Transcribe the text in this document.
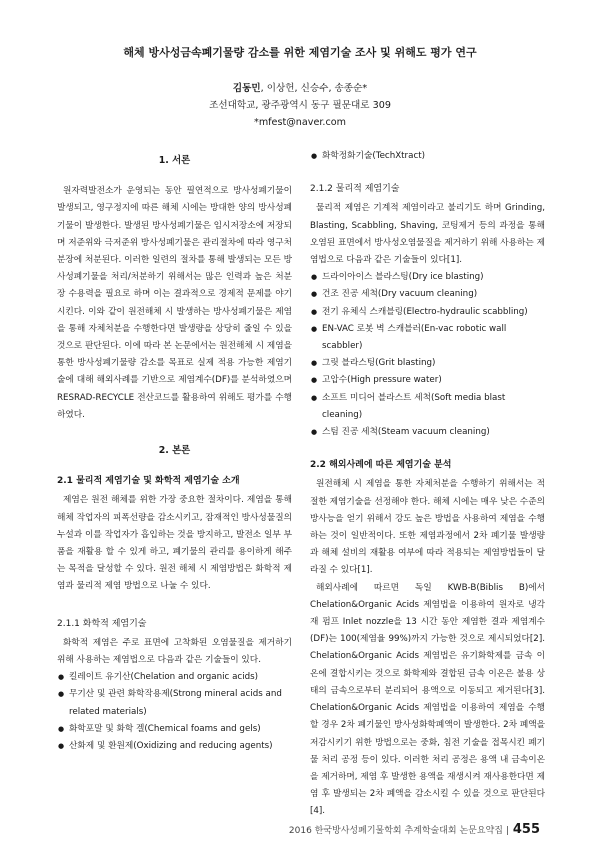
해체 방사성금속폐기물량 감소를 위한 제염기술 조사 및 위해도 평가 연구
김동민, 이상헌, 신승수, 송종순*
조선대학교, 광주광역시 동구 필문대로 309
*mfest@naver.com
1. 서론

원자력발전소가 운영되는 동안 필연적으로 방사성폐기물이 발생되고, 영구정지에 따른 해체 시에는 방대한 양의 방사성폐기물이 발생한다. 발생된 방사성폐기물은 임시저장소에 저장되며 저준위와 극저준위 방사성폐기물은 관리절차에 따라 영구처분장에 처분된다. 이러한 일련의 절차를 통해 발생되는 모든 방사성폐기물을 처리/처분하기 위해서는 많은 인력과 높은 처분장 수용력을 필요로 하며 이는 결과적으로 경제적 문제를 야기시킨다. 이와 같이 원전해체 시 발생하는 방사성폐기물은 제염을 통해 자체처분을 수행한다면 발생량을 상당히 줄일 수 있을 것으로 판단된다. 이에 따라 본 논문에서는 원전해체 시 제염을 통한 방사성폐기물량 감소를 목표로 실제 적용 가능한 제염기술에 대해 해외사례를 기반으로 제염계수(DF)를 분석하였으며 RESRAD-RECYCLE 전산코드를 활용하여 위해도 평가를 수행하였다.

2. 본론
2.1 물리적 제염기술 및 화학적 제염기술 소개

제염은 원전 해체를 위한 가장 중요한 절차이다. 제염을 통해 해체 작업자의 피폭선량을 감소시키고, 잠재적인 방사성물질의 누설과 이를 작업자가 흡입하는 것을 방지하고, 발전소 일부 부품을 재활용 할 수 있게 하고, 폐기물의 관리를 용이하게 해주는 목적을 달성할 수 있다. 원전 해체 시 제염방법은 화학적 제염과 물리적 제염 방법으로 나눌 수 있다.

2.1.1 화학적 제염기술

화학적 제염은 주로 표면에 고착화된 오염물질을 제거하기 위해 사용하는 제염법으로 다음과 같은 기술들이 있다.

● 킬레이트 유기산(Chelation and organic acids)
● 무기산 및 관련 화학작용제(Strong mineral acids and related materials)
● 화학포말 및 화학 겔(Chemical foams and gels)
● 산화제 및 환원제(Oxidizing and reducing agents)
● 화학정화기술(TechXtract)
2.1.2 물리적 제염기술

물리적 제염은 기계적 제염이라고 불리기도 하며 Grinding, Blasting, Scabbling, Shaving, 코팅제거 등의 과정을 통해 오염된 표면에서 방사성오염물질을 제거하기 위해 사용하는 제염법으로 다음과 같은 기술들이 있다[1].

● 드라이아이스 블라스팅(Dry ice blasting)
● 건조 진공 세척(Dry vacuum cleaning)
● 전기 유체식 스캐블링(Electro-hydraulic scabbling)
● EN-VAC 로봇 벽 스캐블러(En-vac robotic wall scabbler)
● 그릿 블라스팅(Grit blasting)
● 고압수(High pressure water)
● 소프트 미디어 블라스트 세척(Soft media blast cleaning)
● 스팀 진공 세척(Steam vacuum cleaning)
2.2 해외사례에 따른 제염기술 분석

원전해체 시 제염을 통한 자체처분을 수행하기 위해서는 적절한 제염기술을 선정해야 한다. 해체 시에는 매우 낮은 수준의 방사능을 얻기 위해서 강도 높은 방법을 사용하여 제염을 수행하는 것이 일반적이다. 또한 제염과정에서 2차 폐기물 발생량과 해체 설비의 재활용 여부에 따라 적용되는 제염방법들이 달라질 수 있다[1].

해외사례에 따르면 독일 KWB-B(Biblis B)에서 Chelation&Organic Acids 제염법을 이용하여 원자로 냉각재 펌프 Inlet nozzle을 13 시간 동안 제염한 결과 제염계수(DF)는 100(제염율 99%)까지 가능한 것으로 제시되었다[2]. Chelation&Organic Acids 제염법은 유기화학제를 금속 이온에 결합시키는 것으로 화학제와 결합된 금속 이온은 불용 상태의 금속으로부터 분리되어 용액으로 이동되고 제거된다[3]. Chelation&Organic Acids 제염법을 이용하여 제염을 수행할 경우 2차 폐기물인 방사성화학폐액이 발생한다. 2차 폐액을 저감시키기 위한 방법으로는 중화, 침전 기술을 접목시킨 폐기물 처리 공정 등이 있다. 이러한 처리 공정은 용액 내 금속이온을 제거하며, 제염 후 발생한 용액을 재생시켜 재사용한다면 제염 후 발생되는 2차 폐액을 감소시킬 수 있을 것으로 판단된다[4].

2016 한국방사성폐기물학회 추계학술대회 논문요약집 | 455
